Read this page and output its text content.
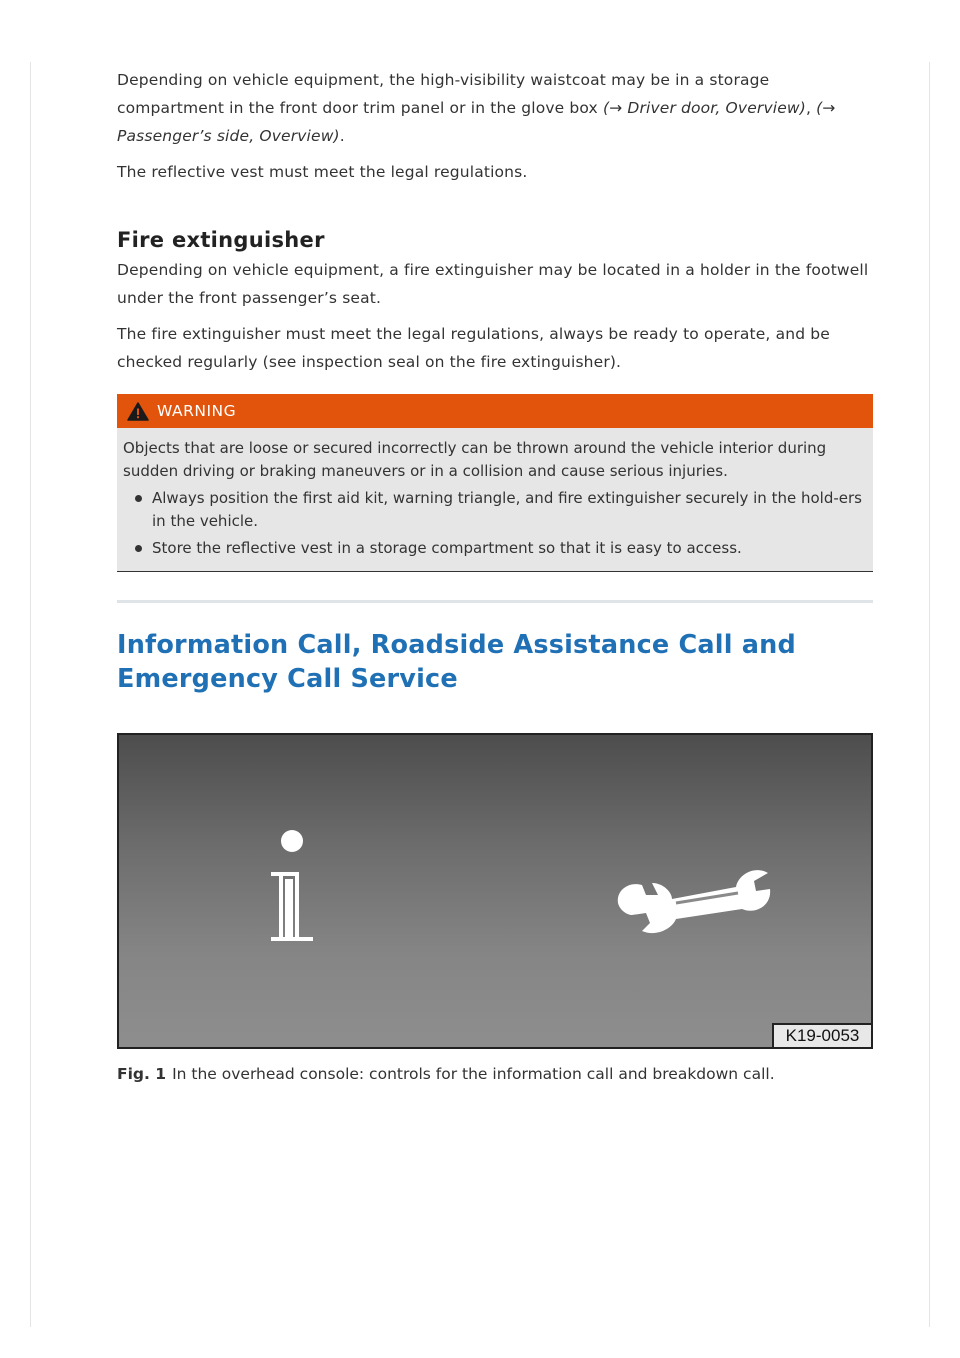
Depending on vehicle equipment, the high-visibility waistcoat may be in a storage compartment in the front door trim panel or in the glove box (→ Driver door, Overview), (→ Passenger’s side, Overview).

The reflective vest must meet the legal regulations.

Fire extinguisher

Depending on vehicle equipment, a fire extinguisher may be located in a holder in the footwell under the front passenger’s seat.

The fire extinguisher must meet the legal regulations, always be ready to operate, and be checked regularly (see inspection seal on the fire extinguisher).

WARNING

Objects that are loose or secured incorrectly can be thrown around the vehicle interior during sudden driving or braking maneuvers or in a collision and cause serious injuries.

Always position the first aid kit, warning triangle, and fire extinguisher securely in the hold-ers in the vehicle.
Store the reflective vest in a storage compartment so that it is easy to access.
Information Call, Roadside Assistance Call and Emergency Call Service
K19-0053

Fig. 1 In the overhead console: controls for the information call and breakdown call.
